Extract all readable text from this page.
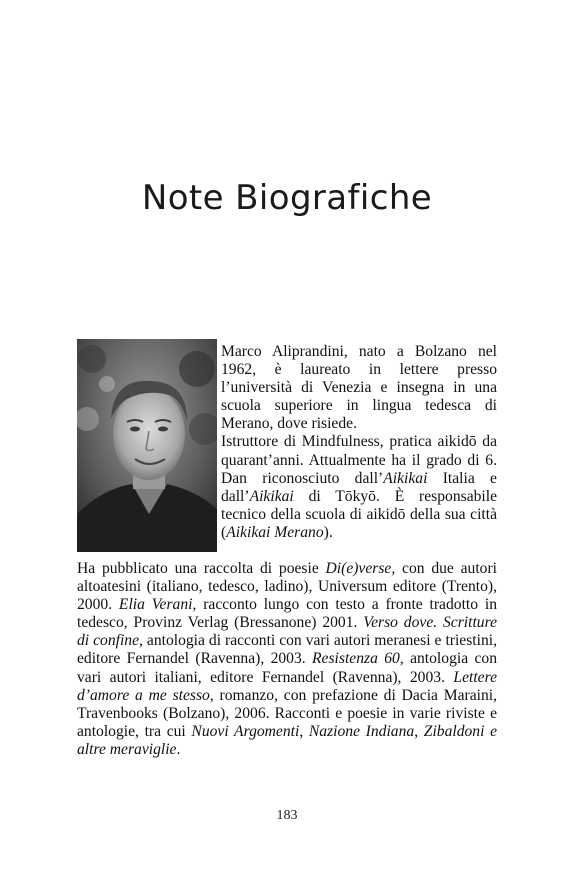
Note Biografiche

Marco Aliprandini, nato a Bolzano nel 1962, è laureato in lettere presso l’università di Venezia e insegna in una scuola superiore in lingua tedesca di Merano, dove risiede.

Istruttore di Mindfulness, pratica aikidō da quarant’anni. Attualmente ha il grado di 6. Dan riconosciuto dall’Aikikai Italia e dall’Aikikai di Tōkyō. È responsabile tecnico della scuola di aikidō della sua città (Aikikai Merano).

Ha pubblicato una raccolta di poesie Di(e)verse, con due autori altoatesini (italiano, tedesco, ladino), Universum editore (Trento), 2000. Elia Verani, racconto lungo con testo a fronte tradotto in tedesco, Provinz Verlag (Bressanone) 2001. Verso dove. Scritture di confine, antologia di racconti con vari autori meranesi e triestini, editore Fernandel (Ravenna), 2003. Resistenza 60, antologia con vari autori italiani, editore Fernandel (Ravenna), 2003. Lettere d’amore a me stesso, romanzo, con prefazione di Dacia Maraini, Travenbooks (Bolzano), 2006. Racconti e poesie in varie riviste e antologie, tra cui Nuovi Argomenti, Nazione Indiana, Zibaldoni e altre meraviglie.

183
